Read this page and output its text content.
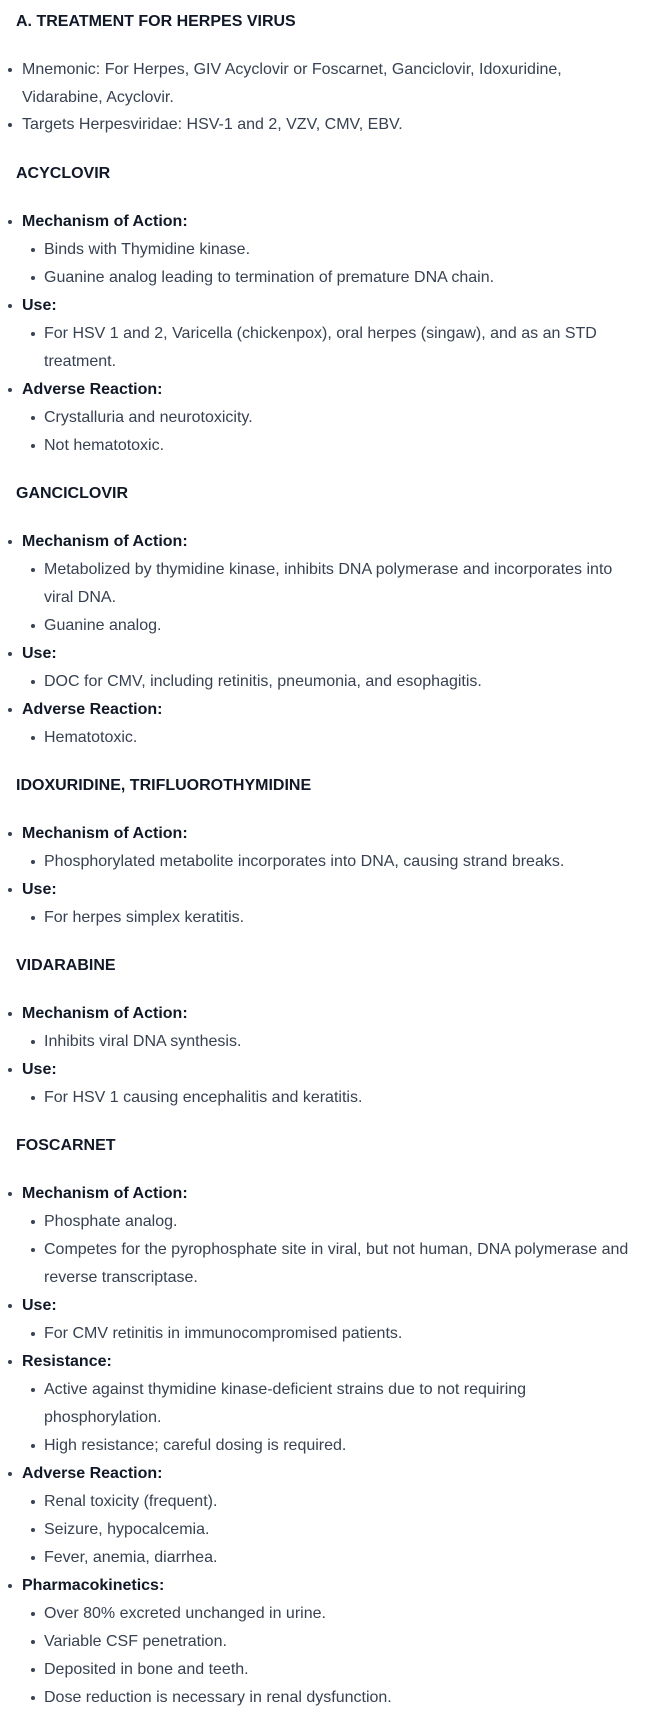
A. TREATMENT FOR HERPES VIRUS
Mnemonic: For Herpes, GIV Acyclovir or Foscarnet, Ganciclovir, Idoxuridine,
Vidarabine, Acyclovir.
Targets Herpesviridae: HSV-1 and 2, VZV, CMV, EBV.
ACYCLOVIR
Mechanism of Action:
Binds with Thymidine kinase.
Guanine analog leading to termination of premature DNA chain.
Use:
For HSV 1 and 2, Varicella (chickenpox), oral herpes (singaw), and as an STD
treatment.
Adverse Reaction:
Crystalluria and neurotoxicity.
Not hematotoxic.
GANCICLOVIR
Mechanism of Action:
Metabolized by thymidine kinase, inhibits DNA polymerase and incorporates into
viral DNA.
Guanine analog.
Use:
DOC for CMV, including retinitis, pneumonia, and esophagitis.
Adverse Reaction:
Hematotoxic.
IDOXURIDINE, TRIFLUOROTHYMIDINE
Mechanism of Action:
Phosphorylated metabolite incorporates into DNA, causing strand breaks.
Use:
For herpes simplex keratitis.
VIDARABINE
Mechanism of Action:
Inhibits viral DNA synthesis.
Use:
For HSV 1 causing encephalitis and keratitis.
FOSCARNET
Mechanism of Action:
Phosphate analog.
Competes for the pyrophosphate site in viral, but not human, DNA polymerase and
reverse transcriptase.
Use:
For CMV retinitis in immunocompromised patients.
Resistance:
Active against thymidine kinase-deficient strains due to not requiring
phosphorylation.
High resistance; careful dosing is required.
Adverse Reaction:
Renal toxicity (frequent).
Seizure, hypocalcemia.
Fever, anemia, diarrhea.
Pharmacokinetics:
Over 80% excreted unchanged in urine.
Variable CSF penetration.
Deposited in bone and teeth.
Dose reduction is necessary in renal dysfunction.
